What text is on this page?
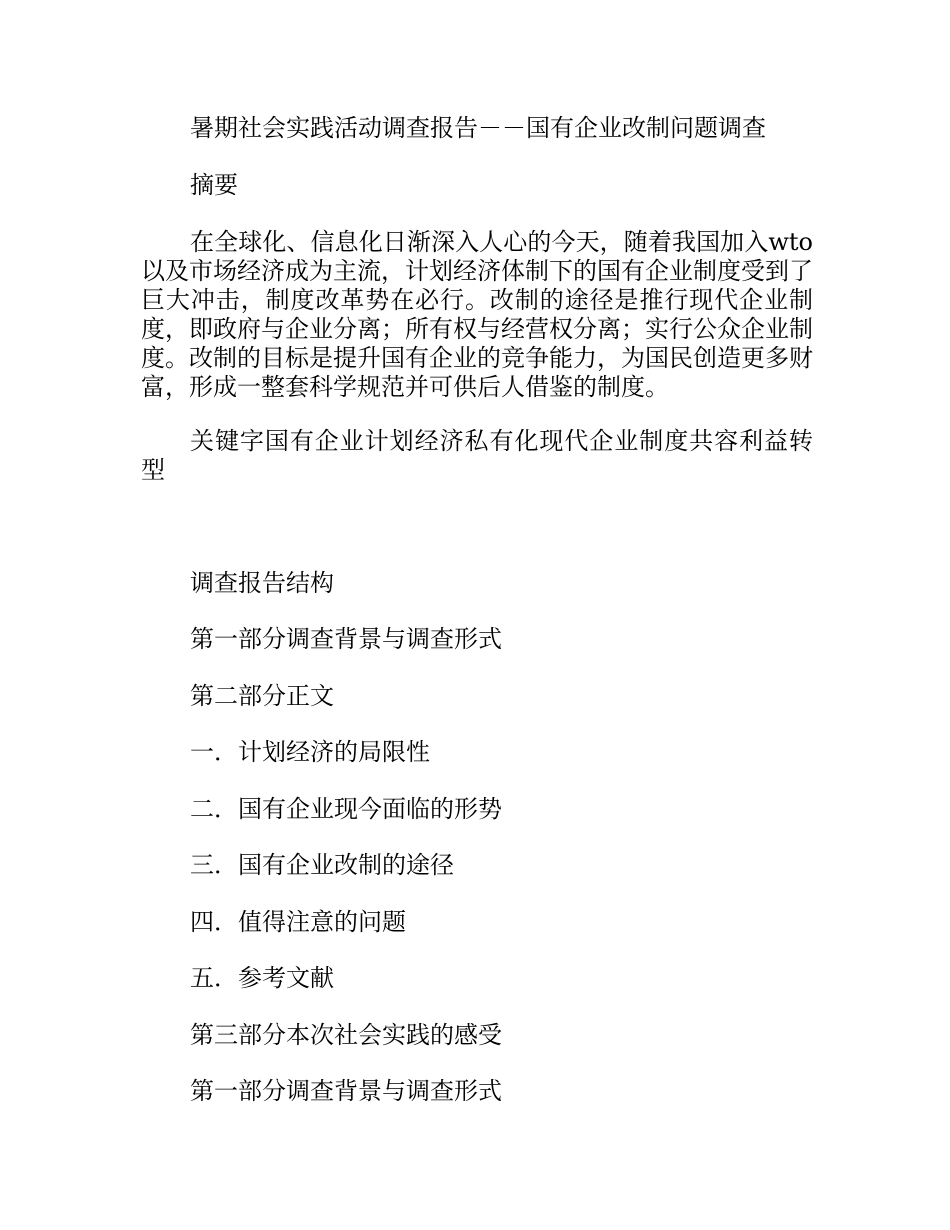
暑期社会实践活动调查报告－－国有企业改制问题调查

摘要

在全球化、信息化日渐深入人心的今天，随着我国加入wto以及市场经济成为主流，计划经济体制下的国有企业制度受到了巨大冲击，制度改革势在必行。改制的途径是推行现代企业制度，即政府与企业分离；所有权与经营权分离；实行公众企业制度。改制的目标是提升国有企业的竞争能力，为国民创造更多财富，形成一整套科学规范并可供后人借鉴的制度。

关键字国有企业计划经济私有化现代企业制度共容利益转型

调查报告结构

第一部分调查背景与调查形式

第二部分正文

一．计划经济的局限性

二．国有企业现今面临的形势

三．国有企业改制的途径

四．值得注意的问题

五．参考文献

第三部分本次社会实践的感受

第一部分调查背景与调查形式
